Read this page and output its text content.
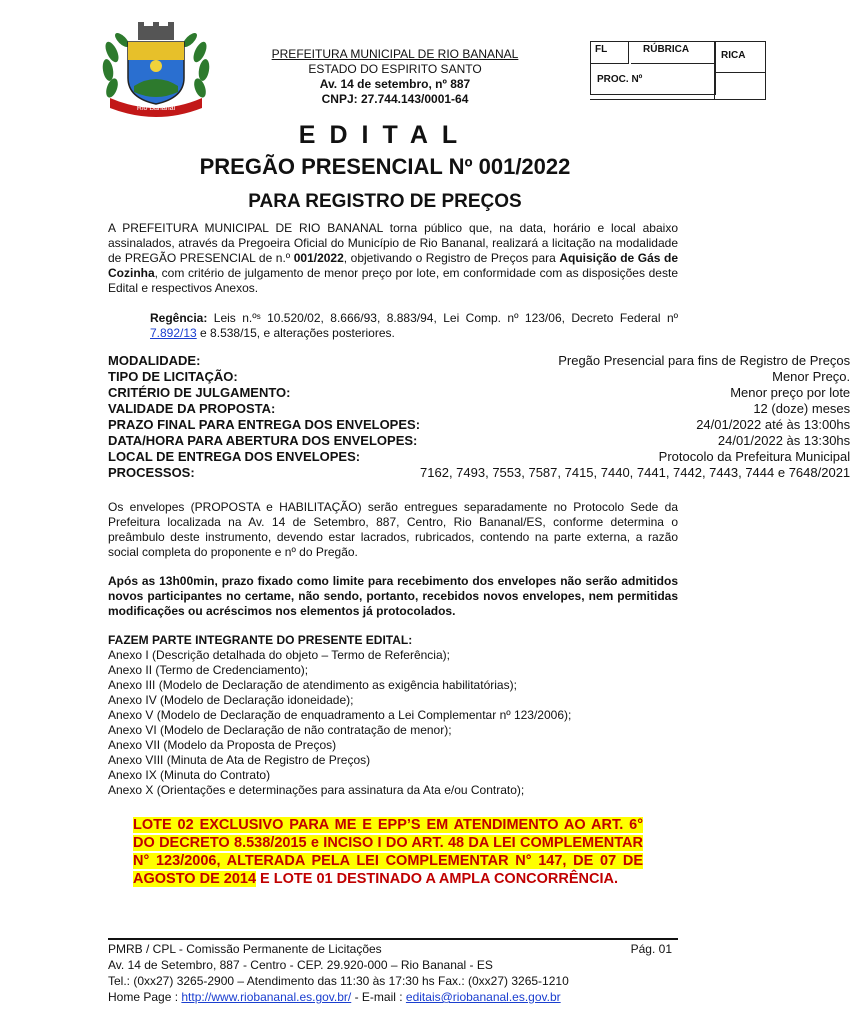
Rio Bananal
PREFEITURA MUNICIPAL DE RIO BANANAL
ESTADO DO ESPIRITO SANTO
Av. 14 de setembro, nº 887
CNPJ: 27.744.143/0001-64
FL	RÚBRICA
PROC. Nº
RICA
EDITAL
PREGÃO PRESENCIAL Nº 001/2022
PARA REGISTRO DE PREÇOS
A PREFEITURA MUNICIPAL DE RIO BANANAL torna público que, na data, horário e local abaixo assinalados, através da Pregoeira Oficial do Município de Rio Bananal, realizará a licitação na modalidade de PREGÃO PRESENCIAL de n.º 001/2022, objetivando o Registro de Preços para Aquisição de Gás de Cozinha, com critério de julgamento de menor preço por lote, em conformidade com as disposições deste Edital e respectivos Anexos.
Regência: Leis n.ºˢ 10.520/02, 8.666/93, 8.883/94, Lei Comp. nº 123/06, Decreto Federal nº 7.892/13 e 8.538/15, e alterações posteriores.
MODALIDADE:	Pregão Presencial para fins de Registro de Preços
TIPO DE LICITAÇÃO:	Menor Preço.
CRITÉRIO DE JULGAMENTO:	Menor preço por lote
VALIDADE DA PROPOSTA:	12 (doze) meses
PRAZO FINAL PARA ENTREGA DOS ENVELOPES:	24/01/2022 até às 13:00hs
DATA/HORA PARA ABERTURA DOS ENVELOPES:	24/01/2022 às 13:30hs
LOCAL DE ENTREGA DOS ENVELOPES:	Protocolo da Prefeitura Municipal
PROCESSOS:	7162, 7493, 7553, 7587, 7415, 7440, 7441, 7442, 7443, 7444 e 7648/2021
Os envelopes (PROPOSTA e HABILITAÇÃO) serão entregues separadamente no Protocolo Sede da Prefeitura localizada na Av. 14 de Setembro, 887, Centro, Rio Bananal/ES, conforme determina o preâmbulo deste instrumento, devendo estar lacrados, rubricados, contendo na parte externa, a razão social completa do proponente e nº do Pregão.
Após as 13h00min, prazo fixado como limite para recebimento dos envelopes não serão admitidos novos participantes no certame, não sendo, portanto, recebidos novos envelopes, nem permitidas modificações ou acréscimos nos elementos já protocolados.
FAZEM PARTE INTEGRANTE DO PRESENTE EDITAL:
Anexo I (Descrição detalhada do objeto – Termo de Referência);
Anexo II (Termo de Credenciamento);
Anexo III (Modelo de Declaração de atendimento as exigência habilitatórias);
Anexo IV (Modelo de Declaração idoneidade);
Anexo V (Modelo de Declaração de enquadramento a Lei Complementar nº 123/2006);
Anexo VI (Modelo de Declaração de não contratação de menor);
Anexo VII (Modelo da Proposta de Preços)
Anexo VIII (Minuta de Ata de Registro de Preços)
Anexo IX (Minuta do Contrato)
Anexo X (Orientações e determinações para assinatura da Ata e/ou Contrato);
LOTE 02 EXCLUSIVO PARA ME E EPP’S EM ATENDIMENTO AO ART. 6° DO DECRETO 8.538/2015 e INCISO I DO ART. 48 DA LEI COMPLEMENTAR N° 123/2006, ALTERADA PELA LEI COMPLEMENTAR N° 147, DE 07 DE AGOSTO DE 2014 E LOTE 01 DESTINADO A AMPLA CONCORRÊNCIA.
PMRB / CPL - Comissão Permanente de Licitações	Pág. 01
Av. 14 de Setembro, 887 - Centro - CEP. 29.920-000 – Rio Bananal - ES
Tel.: (0xx27) 3265-2900 – Atendimento das 11:30 às 17:30 hs Fax.: (0xx27) 3265-1210
Home Page : http://www.riobananal.es.gov.br/ - E-mail : editais@riobananal.es.gov.br
